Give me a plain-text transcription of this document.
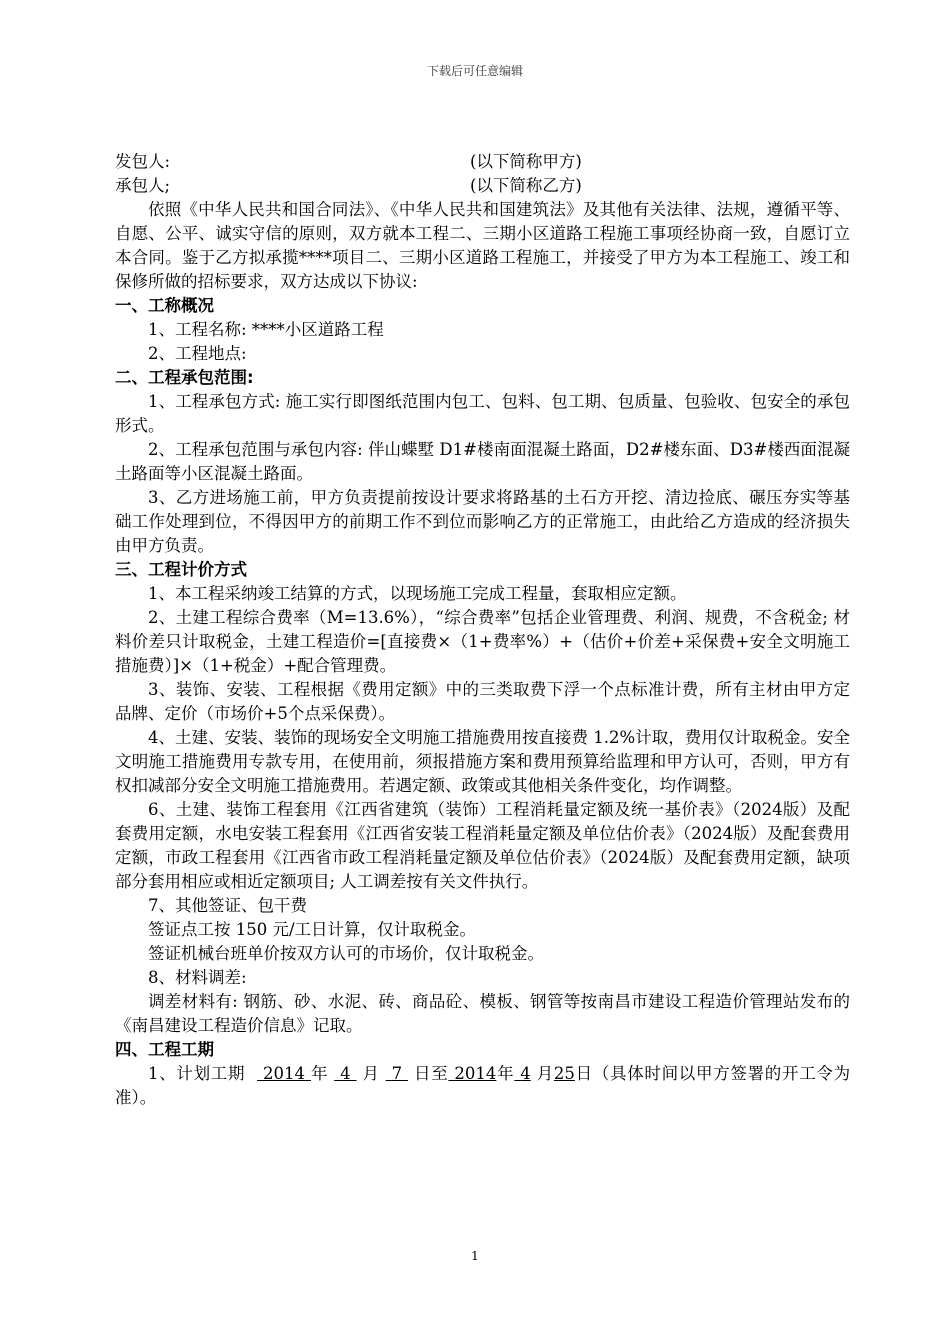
下载后可任意编辑
发包人:	(以下简称甲方)
承包人;	(以下简称乙方)

依照《中华人民共和国合同法》、《中华人民共和国建筑法》及其他有关法律、法规，遵循平等、自愿、公平、诚实守信的原则，双方就本工程二、三期小区道路工程施工事项经协商一致，自愿订立本合同。鉴于乙方拟承揽****项目二、三期小区道路工程施工，并接受了甲方为本工程施工、竣工和保修所做的招标要求，双方达成以下协议:

一、工称概况

1、工程名称: ****小区道路工程

2、工程地点:

二、工程承包范围:

1、工程承包方式: 施工实行即图纸范围内包工、包料、包工期、包质量、包验收、包安全的承包形式。

2、工程承包范围与承包内容: 伴山蝶墅 D1#楼南面混凝土路面，D2#楼东面、D3#楼西面混凝土路面等小区混凝土路面。

3、乙方进场施工前，甲方负责提前按设计要求将路基的土石方开挖、清边捡底、碾压夯实等基础工作处理到位，不得因甲方的前期工作不到位而影响乙方的正常施工，由此给乙方造成的经济损失由甲方负责。

三、工程计价方式

1、本工程采纳竣工结算的方式，以现场施工完成工程量，套取相应定额。

2、土建工程综合费率（M=13.6%），“综合费率”包括企业管理费、利润、规费，不含税金; 材料价差只计取税金，土建工程造价=[直接费×（1+费率%）+（估价+价差+采保费+安全文明施工措施费）]×（1+税金）+配合管理费。

3、装饰、安装、工程根据《费用定额》中的三类取费下浮一个点标准计费，所有主材由甲方定品牌、定价（市场价+5个点采保费）。

4、土建、安装、装饰的现场安全文明施工措施费用按直接费 1.2%计取，费用仅计取税金。安全文明施工措施费用专款专用，在使用前，须报措施方案和费用预算给监理和甲方认可，否则，甲方有权扣减部分安全文明施工措施费用。若遇定额、政策或其他相关条件变化，均作调整。

6、土建、装饰工程套用《江西省建筑（装饰）工程消耗量定额及统一基价表》（2024版）及配套费用定额，水电安装工程套用《江西省安装工程消耗量定额及单位估价表》（2024版）及配套费用定额，市政工程套用《江西省市政工程消耗量定额及单位估价表》（2024版）及配套费用定额，缺项部分套用相应或相近定额项目; 人工调差按有关文件执行。

7、其他签证、包干费

签证点工按 150 元/工日计算，仅计取税金。

签证机械台班单价按双方认可的市场价，仅计取税金。

8、材料调差:

调差材料有: 钢筋、砂、水泥、砖、商品砼、模板、钢管等按南昌市建设工程造价管理站发布的《南昌建设工程造价信息》记取。

四、工程工期

1、计划工期 2014 年 4 月 7 日至 2014年 4 月25日（具体时间以甲方签署的开工令为准）。

1
